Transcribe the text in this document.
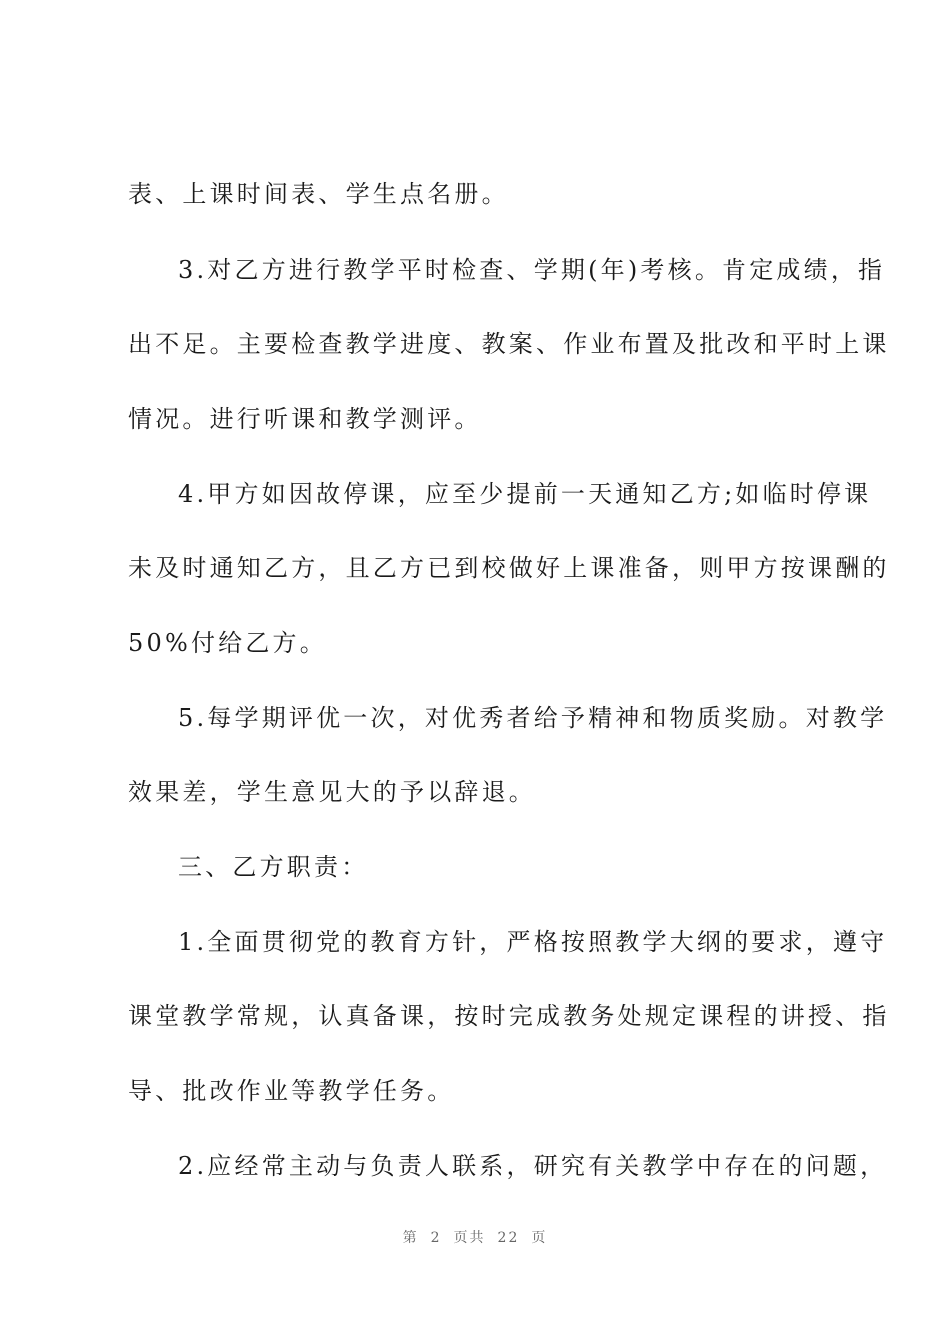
表、上课时间表、学生点名册。
3.对乙方进行教学平时检查、学期(年)考核。肯定成绩，指
出不足。主要检查教学进度、教案、作业布置及批改和平时上课
情况。进行听课和教学测评。
4.甲方如因故停课，应至少提前一天通知乙方;如临时停课
未及时通知乙方，且乙方已到校做好上课准备，则甲方按课酬的
50%付给乙方。
5.每学期评优一次，对优秀者给予精神和物质奖励。对教学
效果差，学生意见大的予以辞退。
三、乙方职责：
1.全面贯彻党的教育方针，严格按照教学大纲的要求，遵守
课堂教学常规，认真备课，按时完成教务处规定课程的讲授、指
导、批改作业等教学任务。
2.应经常主动与负责人联系，研究有关教学中存在的问题，
第 2 页共 22 页
